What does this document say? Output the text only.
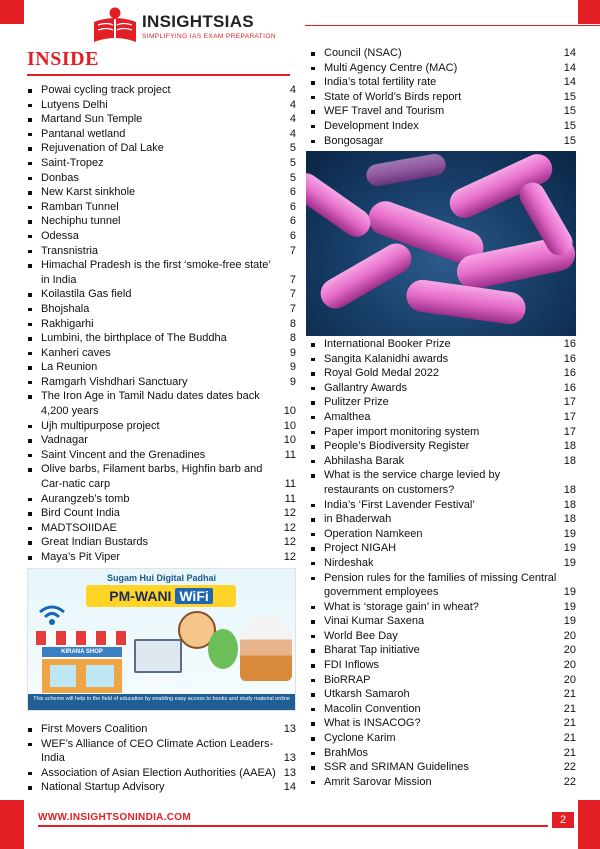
INSIGHTSIAS
SIMPLIFYING IAS EXAM PREPARATION
INSIDE
Powai cycling track project	4
Lutyens Delhi	4
Martand Sun Temple	4
Pantanal wetland	4
Rejuvenation of Dal Lake	5
Saint-Tropez	5
Donbas	5
New Karst sinkhole	6
Ramban Tunnel	6
Nechiphu tunnel	6
Odessa	6
Transnistria	7
Himachal Pradesh is the first ‘smoke-free state’ in India	7
Koilastila Gas field	7
Bhojshala	7
Rakhigarhi	8
Lumbini, the birthplace of The Buddha	8
Kanheri caves	9
La Reunion	9
Ramgarh Vishdhari Sanctuary	9
The Iron Age in Tamil Nadu dates dates back 4,200 years	10
Ujh multipurpose project	10
Vadnagar	10
Saint Vincent and the Grenadines	11
Olive barbs, Filament barbs, Highfin barb and Car-natic carp	11
Aurangzeb’s tomb	11
Bird Count India	12
MADTSOIIDAE	12
Great Indian Bustards	12
Maya’s Pit Viper	12
First Movers Coalition	13
WEF’s Alliance of CEO Climate Action Leaders-India	13
Association of Asian Election Authorities (AAEA) 13
National Startup Advisory	14
Council (NSAC)	14
Multi Agency Centre (MAC)	14
India’s total fertility rate	14
State of World’s Birds report	15
WEF Travel and Tourism	15
Development Index	15
Bongosagar	15
International Booker Prize	16
Sangita Kalanidhi awards	16
Royal Gold Medal 2022	16
Gallantry Awards	16
Pulitzer Prize	17
Amalthea	17
Paper import monitoring system	17
People’s Biodiversity Register	18
Abhilasha Barak	18
What is the service charge levied by restaurants on customers?	18
India’s ‘First Lavender Festival’	18
in Bhaderwah	18
Operation Namkeen	19
Project NIGAH	19
Nirdeshak	19
Pension rules for the families of missing Central government employees	19
What is ‘storage gain’ in wheat?	19
Vinai Kumar Saxena	19
World Bee Day	20
Bharat Tap initiative	20
FDI Inflows	20
BioRRAP	20
Utkarsh Samaroh	21
Macolin Convention	21
What is INSACOG?	21
Cyclone Karim	21
BrahMos	21
SSR and SRIMAN Guidelines	22
Amrit Sarovar Mission	22
Sugam Hui Digital Padhai
PM-WANI WiFi
KIRANA SHOP
This scheme will help in the field of education by enabling easy access to books and study material online
WWW.INSIGHTSONINDIA.COM	2
